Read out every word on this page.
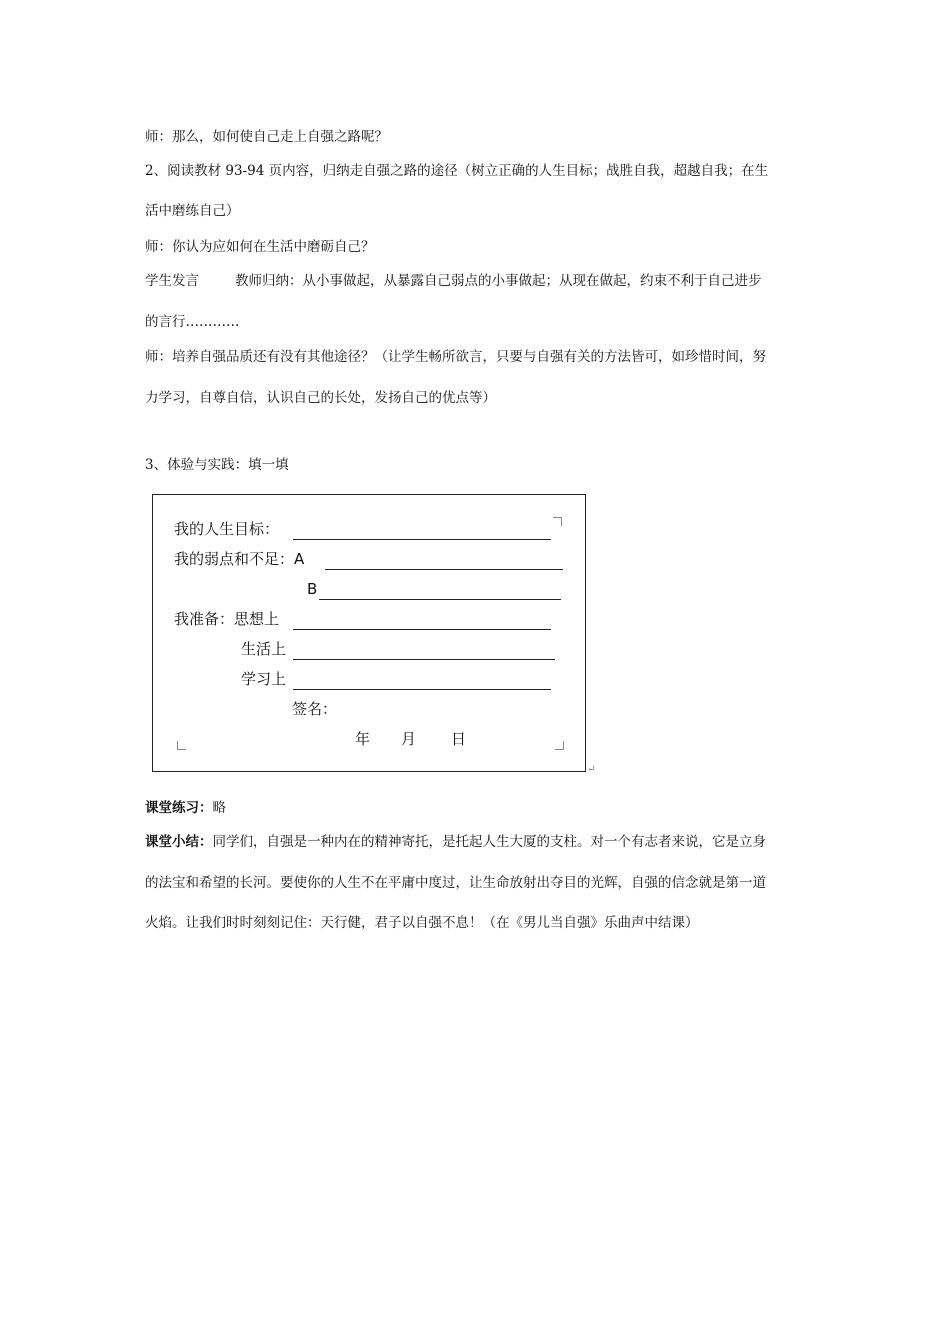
师：那么，如何使自己走上自强之路呢？
2、阅读教材 93-94 页内容，归纳走自强之路的途径（树立正确的人生目标；战胜自我，超越自我；在生
活中磨练自己）
师：你认为应如何在生活中磨砺自己？
学生发言	教师归纳：从小事做起，从暴露自己弱点的小事做起；从现在做起，约束不利于自己进步
的言行…………
师：培养自强品质还有没有其他途径？（让学生畅所欲言，只要与自强有关的方法皆可，如珍惜时间，努
力学习，自尊自信，认识自己的长处，发扬自己的优点等）
3、体验与实践：填一填
我的人生目标：
我的弱点和不足：A
B
我准备：思想上
生活上
学习上
签名：
年 月 日
↵
课堂练习：略
课堂小结：同学们，自强是一种内在的精神寄托，是托起人生大厦的支柱。对一个有志者来说，它是立身
的法宝和希望的长河。要使你的人生不在平庸中度过，让生命放射出夺目的光辉，自强的信念就是第一道
火焰。让我们时时刻刻记住：天行健，君子以自强不息！（在《男儿当自强》乐曲声中结课）
